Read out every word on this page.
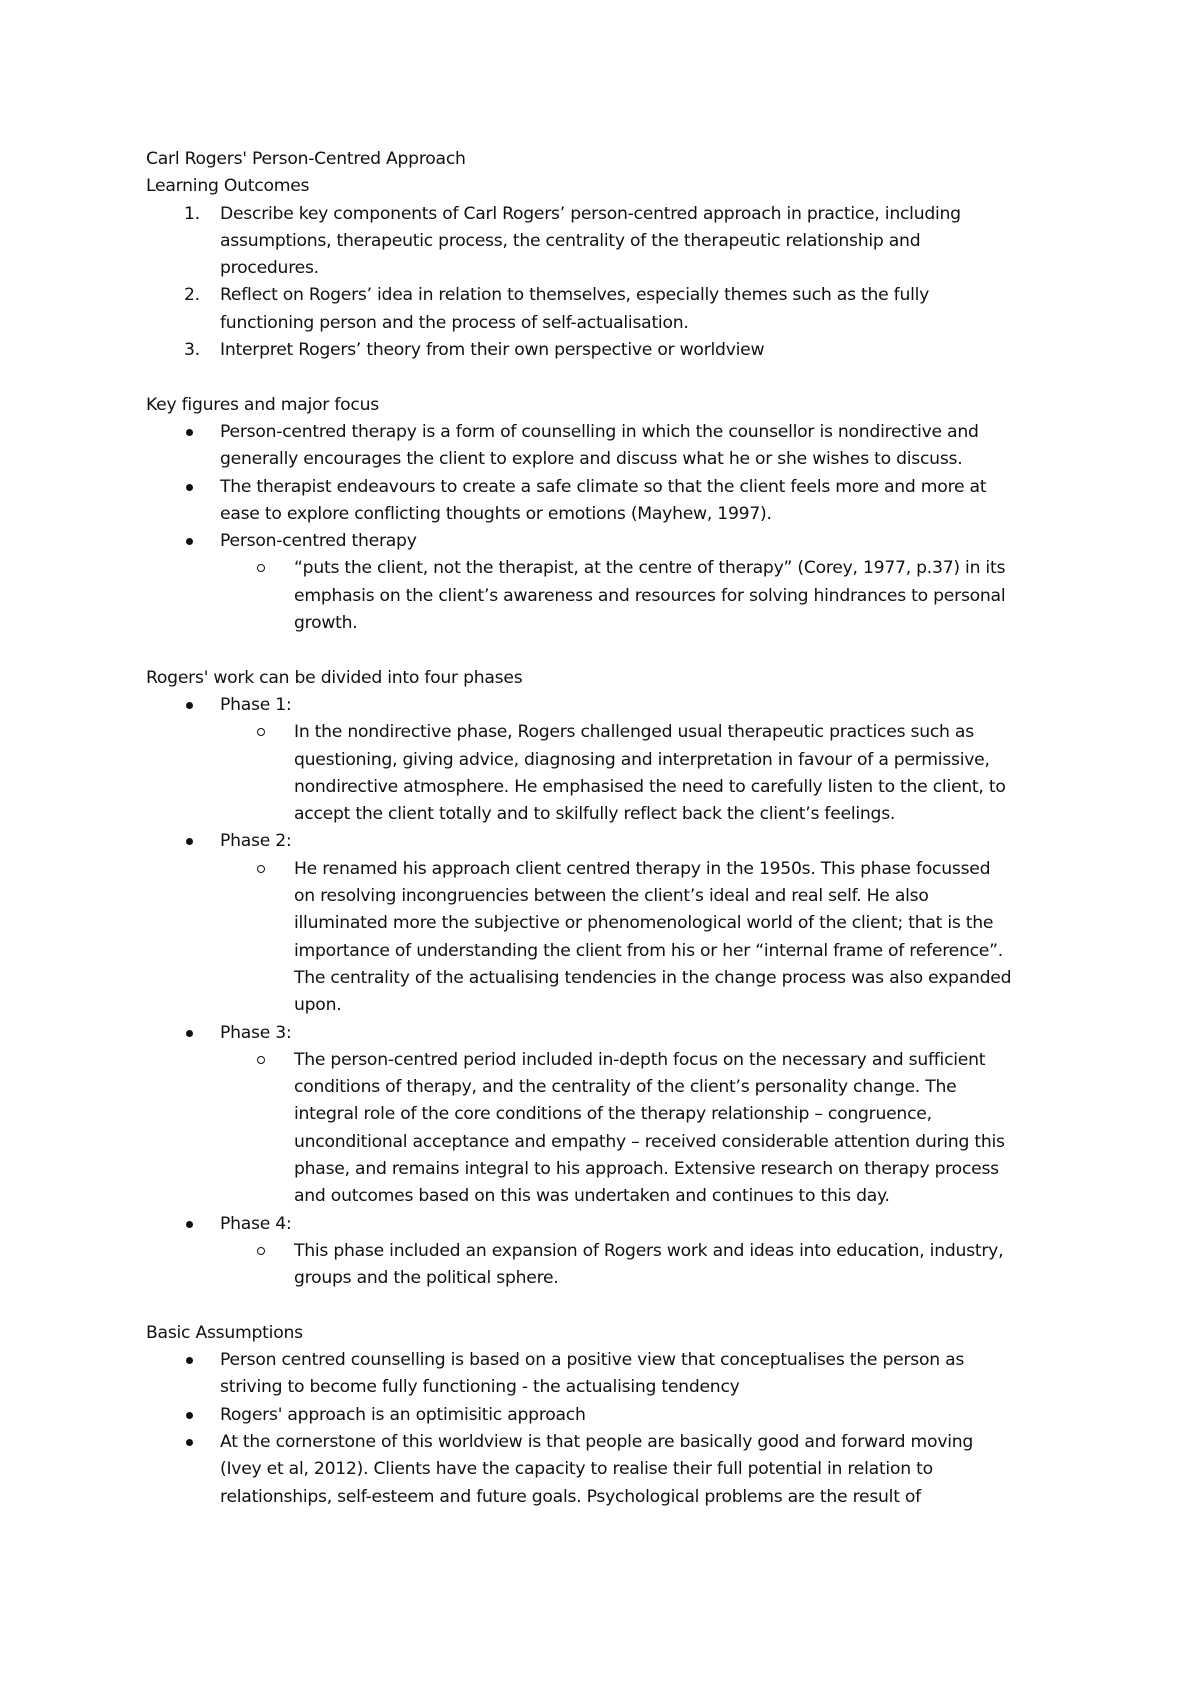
Carl Rogers' Person-Centred Approach
Learning Outcomes
1. Describe key components of Carl Rogers’ person-centred approach in practice, including
assumptions, therapeutic process, the centrality of the therapeutic relationship and
procedures.
2. Reflect on Rogers’ idea in relation to themselves, especially themes such as the fully
functioning person and the process of self-actualisation.
3. Interpret Rogers’ theory from their own perspective or worldview
Key figures and major focus
Person-centred therapy is a form of counselling in which the counsellor is nondirective and
generally encourages the client to explore and discuss what he or she wishes to discuss.
The therapist endeavours to create a safe climate so that the client feels more and more at
ease to explore conflicting thoughts or emotions (Mayhew, 1997).
Person-centred therapy
“puts the client, not the therapist, at the centre of therapy” (Corey, 1977, p.37) in its
emphasis on the client’s awareness and resources for solving hindrances to personal
growth.
Rogers' work can be divided into four phases
Phase 1:
In the nondirective phase, Rogers challenged usual therapeutic practices such as
questioning, giving advice, diagnosing and interpretation in favour of a permissive,
nondirective atmosphere. He emphasised the need to carefully listen to the client, to
accept the client totally and to skilfully reflect back the client’s feelings.
Phase 2:
He renamed his approach client centred therapy in the 1950s. This phase focussed
on resolving incongruencies between the client’s ideal and real self. He also
illuminated more the subjective or phenomenological world of the client; that is the
importance of understanding the client from his or her “internal frame of reference”.
The centrality of the actualising tendencies in the change process was also expanded
upon.
Phase 3:
The person-centred period included in-depth focus on the necessary and sufficient
conditions of therapy, and the centrality of the client’s personality change. The
integral role of the core conditions of the therapy relationship – congruence,
unconditional acceptance and empathy – received considerable attention during this
phase, and remains integral to his approach. Extensive research on therapy process
and outcomes based on this was undertaken and continues to this day.
Phase 4:
This phase included an expansion of Rogers work and ideas into education, industry,
groups and the political sphere.
Basic Assumptions
Person centred counselling is based on a positive view that conceptualises the person as
striving to become fully functioning - the actualising tendency
Rogers' approach is an optimisitic approach
At the cornerstone of this worldview is that people are basically good and forward moving
(Ivey et al, 2012). Clients have the capacity to realise their full potential in relation to
relationships, self-esteem and future goals. Psychological problems are the result of
